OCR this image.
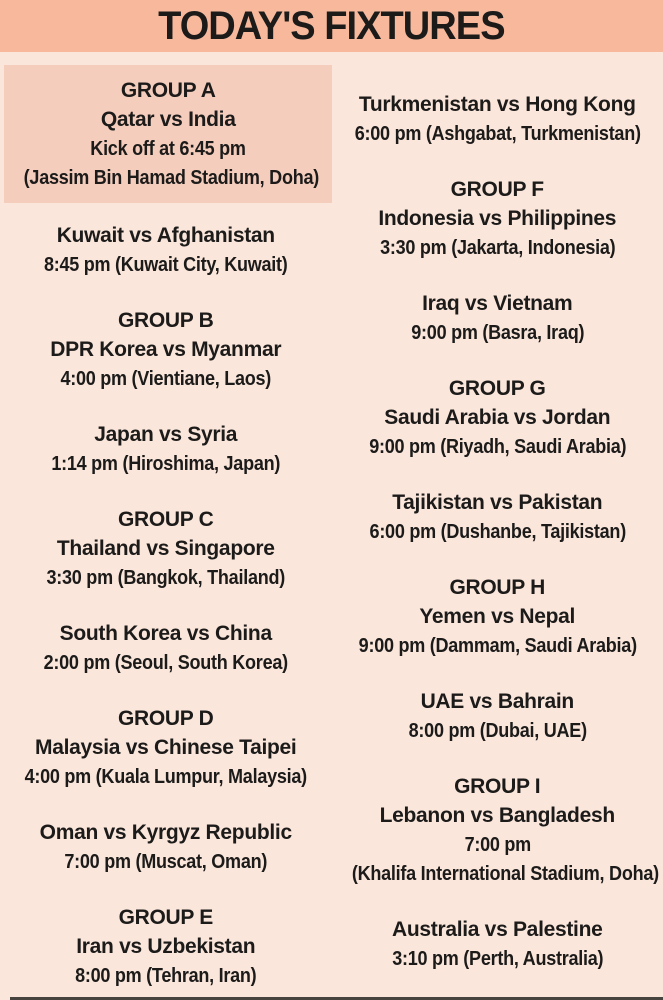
TODAY'S FIXTURES
GROUP A
Qatar vs India
Kick off at 6:45 pm
(Jassim Bin Hamad Stadium, Doha)
Kuwait vs Afghanistan
8:45 pm (Kuwait City, Kuwait)
GROUP B
DPR Korea vs Myanmar
4:00 pm (Vientiane, Laos)
Japan vs Syria
1:14 pm (Hiroshima, Japan)
GROUP C
Thailand vs Singapore
3:30 pm (Bangkok, Thailand)
South Korea vs China
2:00 pm (Seoul, South Korea)
GROUP D
Malaysia vs Chinese Taipei
4:00 pm (Kuala Lumpur, Malaysia)
Oman vs Kyrgyz Republic
7:00 pm (Muscat, Oman)
GROUP E
Iran vs Uzbekistan
8:00 pm (Tehran, Iran)
Turkmenistan vs Hong Kong
6:00 pm (Ashgabat, Turkmenistan)
GROUP F
Indonesia vs Philippines
3:30 pm (Jakarta, Indonesia)
Iraq vs Vietnam
9:00 pm (Basra, Iraq)
GROUP G
Saudi Arabia vs Jordan
9:00 pm (Riyadh, Saudi Arabia)
Tajikistan vs Pakistan
6:00 pm (Dushanbe, Tajikistan)
GROUP H
Yemen vs Nepal
9:00 pm (Dammam, Saudi Arabia)
UAE vs Bahrain
8:00 pm (Dubai, UAE)
GROUP I
Lebanon vs Bangladesh
7:00 pm
(Khalifa International Stadium, Doha)
Australia vs Palestine
3:10 pm (Perth, Australia)
